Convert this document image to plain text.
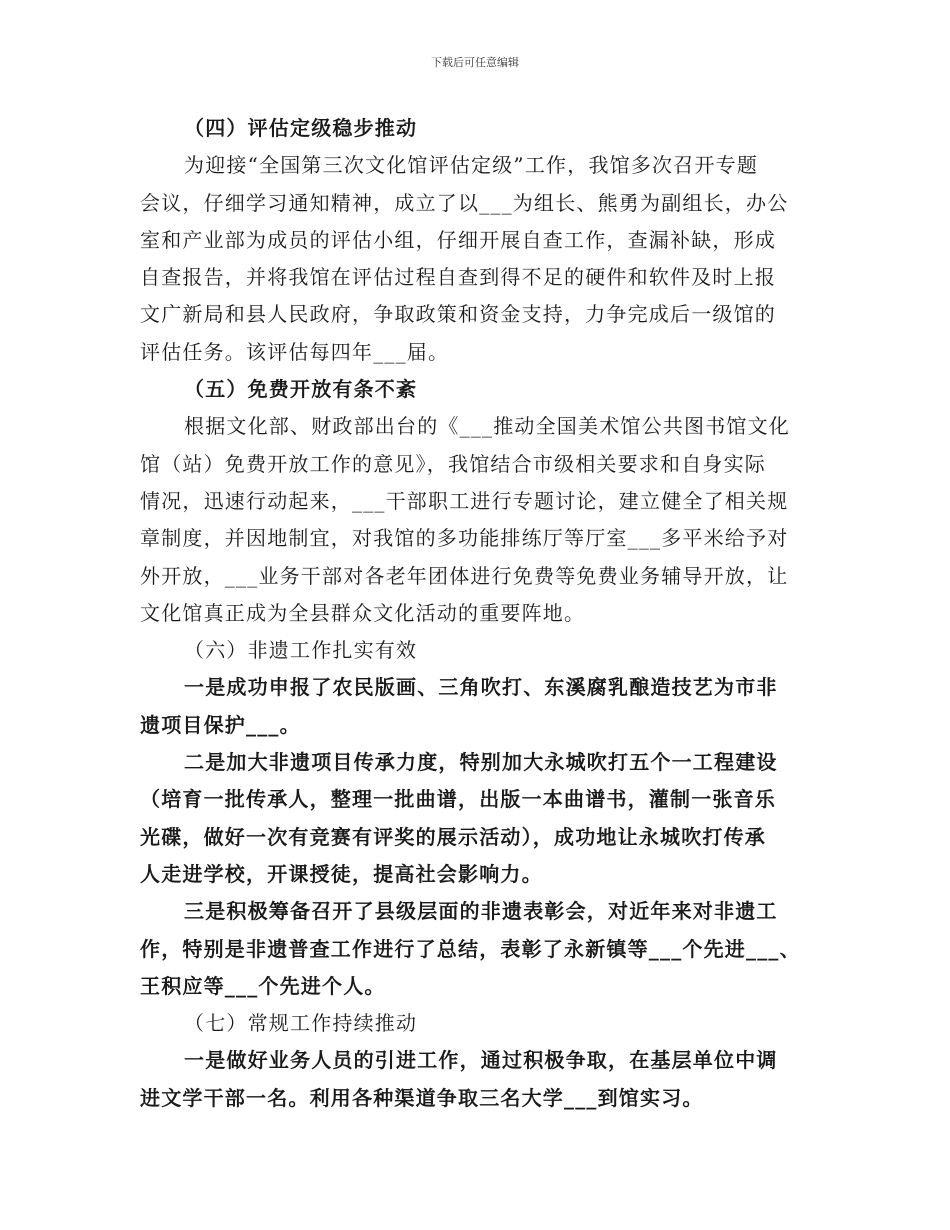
下载后可任意编辑
（四）评估定级稳步推动
为迎接“全国第三次文化馆评估定级”工作，我馆多次召开专题
会议，仔细学习通知精神，成立了以___为组长、熊勇为副组长，办公
室和产业部为成员的评估小组，仔细开展自查工作，查漏补缺，形成
自查报告，并将我馆在评估过程自查到得不足的硬件和软件及时上报
文广新局和县人民政府，争取政策和资金支持，力争完成后一级馆的
评估任务。该评估每四年___届。
（五）免费开放有条不紊
根据文化部、财政部出台的《___推动全国美术馆公共图书馆文化
馆（站）免费开放工作的意见》，我馆结合市级相关要求和自身实际
情况，迅速行动起来，___干部职工进行专题讨论，建立健全了相关规
章制度，并因地制宜，对我馆的多功能排练厅等厅室___多平米给予对
外开放，___业务干部对各老年团体进行免费等免费业务辅导开放，让
文化馆真正成为全县群众文化活动的重要阵地。
（六）非遗工作扎实有效
一是成功申报了农民版画、三角吹打、东溪腐乳酿造技艺为市非
遗项目保护___。
二是加大非遗项目传承力度，特别加大永城吹打五个一工程建设
（培育一批传承人，整理一批曲谱，出版一本曲谱书，灌制一张音乐
光碟，做好一次有竞赛有评奖的展示活动），成功地让永城吹打传承
人走进学校，开课授徒，提高社会影响力。
三是积极筹备召开了县级层面的非遗表彰会，对近年来对非遗工
作，特别是非遗普查工作进行了总结，表彰了永新镇等___个先进___、
王积应等___个先进个人。
（七）常规工作持续推动
一是做好业务人员的引进工作，通过积极争取，在基层单位中调
进文学干部一名。利用各种渠道争取三名大学___到馆实习。
